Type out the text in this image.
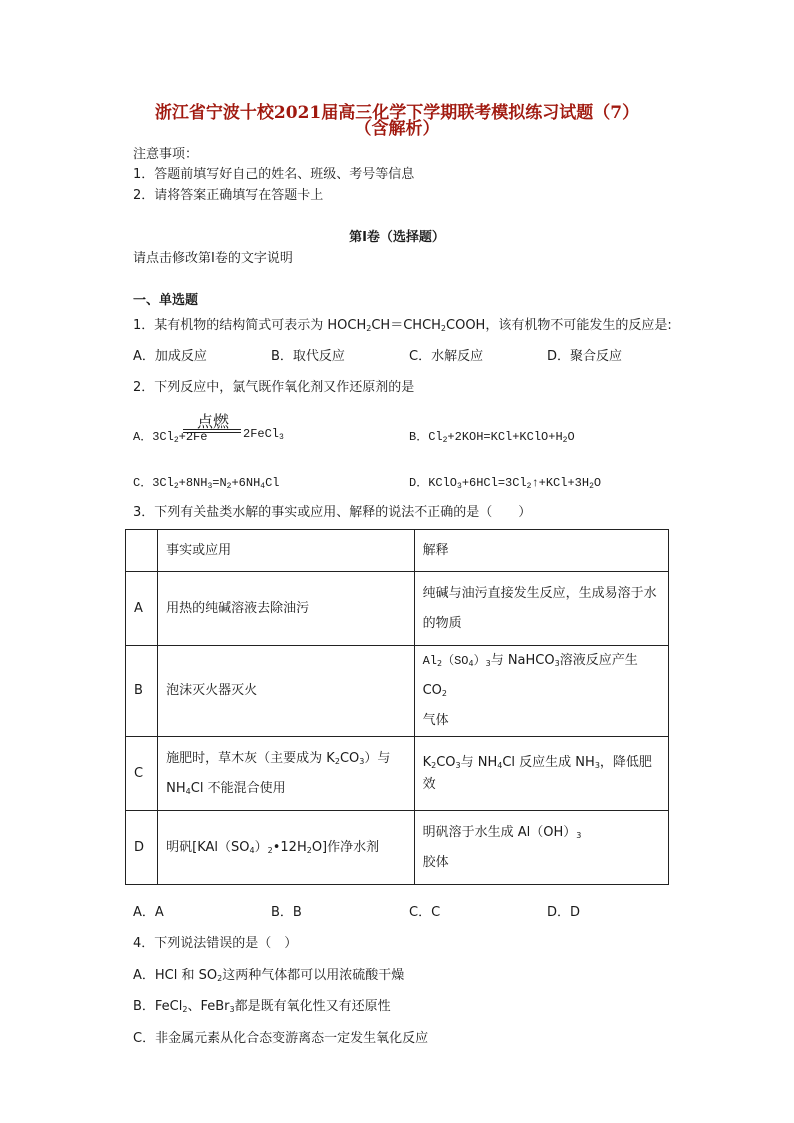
浙江省宁波十校2021届高三化学下学期联考模拟练习试题（7）
（含解析）
注意事项：
1．答题前填写好自己的姓名、班级、考号等信息
2．请将答案正确填写在答题卡上
第I卷（选择题）
请点击修改第I卷的文字说明
一、单选题
1．某有机物的结构简式可表示为 $HOCH_2CH=CHCH_2COOH$，该有机物不可能发生的反应是:
A．加成反应	B．取代反应	C．水解反应	D．聚合反应
2．下列反应中，氯气既作氧化剂又作还原剂的是
点燃
A．$3Cl_2+2Fe$	2FeCl$_3$	B．$Cl_2+2KOH=KCl+KClO+H_2O$
C．$3Cl_2+8NH_3=N_2+6NH_4Cl$	D．$KClO_3+6HCl=3Cl_2↑+KCl+3H_2O$
3．下列有关盐类水解的事实或应用、解释的说法不正确的是（　　）
	事实或应用	解释
A	用热的纯碱溶液去除油污	纯碱与油污直接发生反应，生成易溶于水的物质
B	泡沫灭火器灭火	$Al_2(SO_4)_3$与 NaHCO$_3$溶液反应产生 $CO_2$
气体
C	施肥时，草木灰（主要成为 $K_2CO_3$）与 $NH_4Cl$ 不能混合使用	$K_2CO_3$与 $NH_4Cl$ 反应生成 $NH_3$，降低肥效
D	明矾$[KAl(SO_4)_2•12H_2O]$作净水剂	明矾溶于水生成 $Al(OH)_3$
胶体
A．A	B．B	C．C	D．D
4．下列说法错误的是（　）
A．HCl 和 $SO_2$这两种气体都可以用浓硫酸干燥
B．FeCl$_2$、FeBr$_3$都是既有氧化性又有还原性
C．非金属元素从化合态变游离态一定发生氧化反应
